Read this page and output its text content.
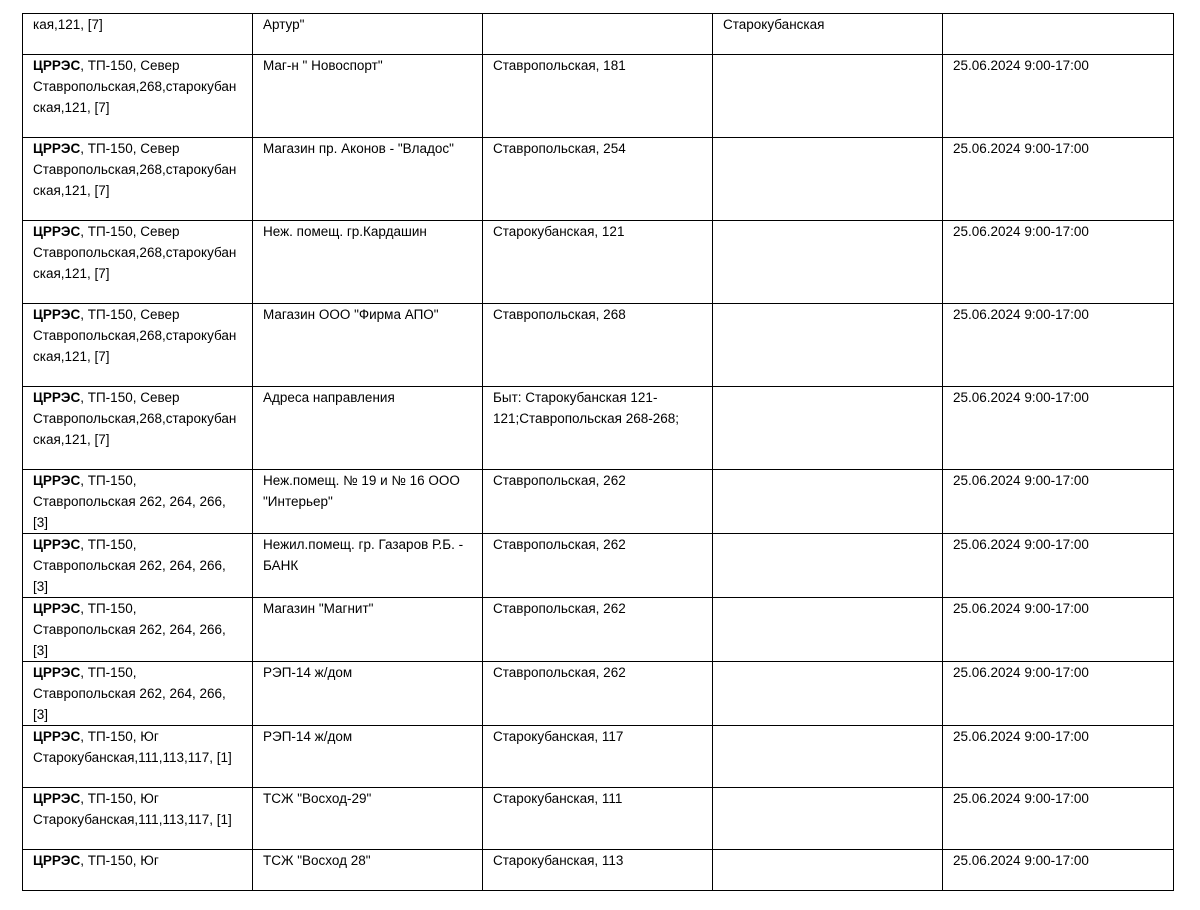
кая,121, [7]	Артур"		Старокубанская	
ЦРРЭС, ТП-150, Север Ставропольская,268,старокубанская,121, [7]	Маг-н " Новоспорт"	Ставропольская, 181		25.06.2024 9:00-17:00
ЦРРЭС, ТП-150, Север Ставропольская,268,старокубанская,121, [7]	Магазин пр. Аконов - "Владос"	Ставропольская, 254		25.06.2024 9:00-17:00
ЦРРЭС, ТП-150, Север Ставропольская,268,старокубанская,121, [7]	Неж. помещ. гр.Кардашин	Старокубанская, 121		25.06.2024 9:00-17:00
ЦРРЭС, ТП-150, Север Ставропольская,268,старокубанская,121, [7]	Магазин ООО "Фирма АПО"	Ставропольская, 268		25.06.2024 9:00-17:00
ЦРРЭС, ТП-150, Север Ставропольская,268,старокубанская,121, [7]	Адреса направления	Быт: Старокубанская 121-121;Ставропольская 268-268;		25.06.2024 9:00-17:00
ЦРРЭС, ТП-150, Ставропольская 262, 264, 266, [3]	Неж.помещ. № 19 и № 16 ООО "Интерьер"	Ставропольская, 262		25.06.2024 9:00-17:00
ЦРРЭС, ТП-150, Ставропольская 262, 264, 266, [3]	Нежил.помещ. гр. Газаров Р.Б. - БАНК	Ставропольская, 262		25.06.2024 9:00-17:00
ЦРРЭС, ТП-150, Ставропольская 262, 264, 266, [3]	Магазин "Магнит"	Ставропольская, 262		25.06.2024 9:00-17:00
ЦРРЭС, ТП-150, Ставропольская 262, 264, 266, [3]	РЭП-14 ж/дом	Ставропольская, 262		25.06.2024 9:00-17:00
ЦРРЭС, ТП-150, Юг Старокубанская,111,113,117, [1]	РЭП-14 ж/дом	Старокубанская, 117		25.06.2024 9:00-17:00
ЦРРЭС, ТП-150, Юг Старокубанская,111,113,117, [1]	ТСЖ "Восход-29"	Старокубанская, 111		25.06.2024 9:00-17:00
ЦРРЭС, ТП-150, Юг	ТСЖ "Восход 28"	Старокубанская, 113		25.06.2024 9:00-17:00
